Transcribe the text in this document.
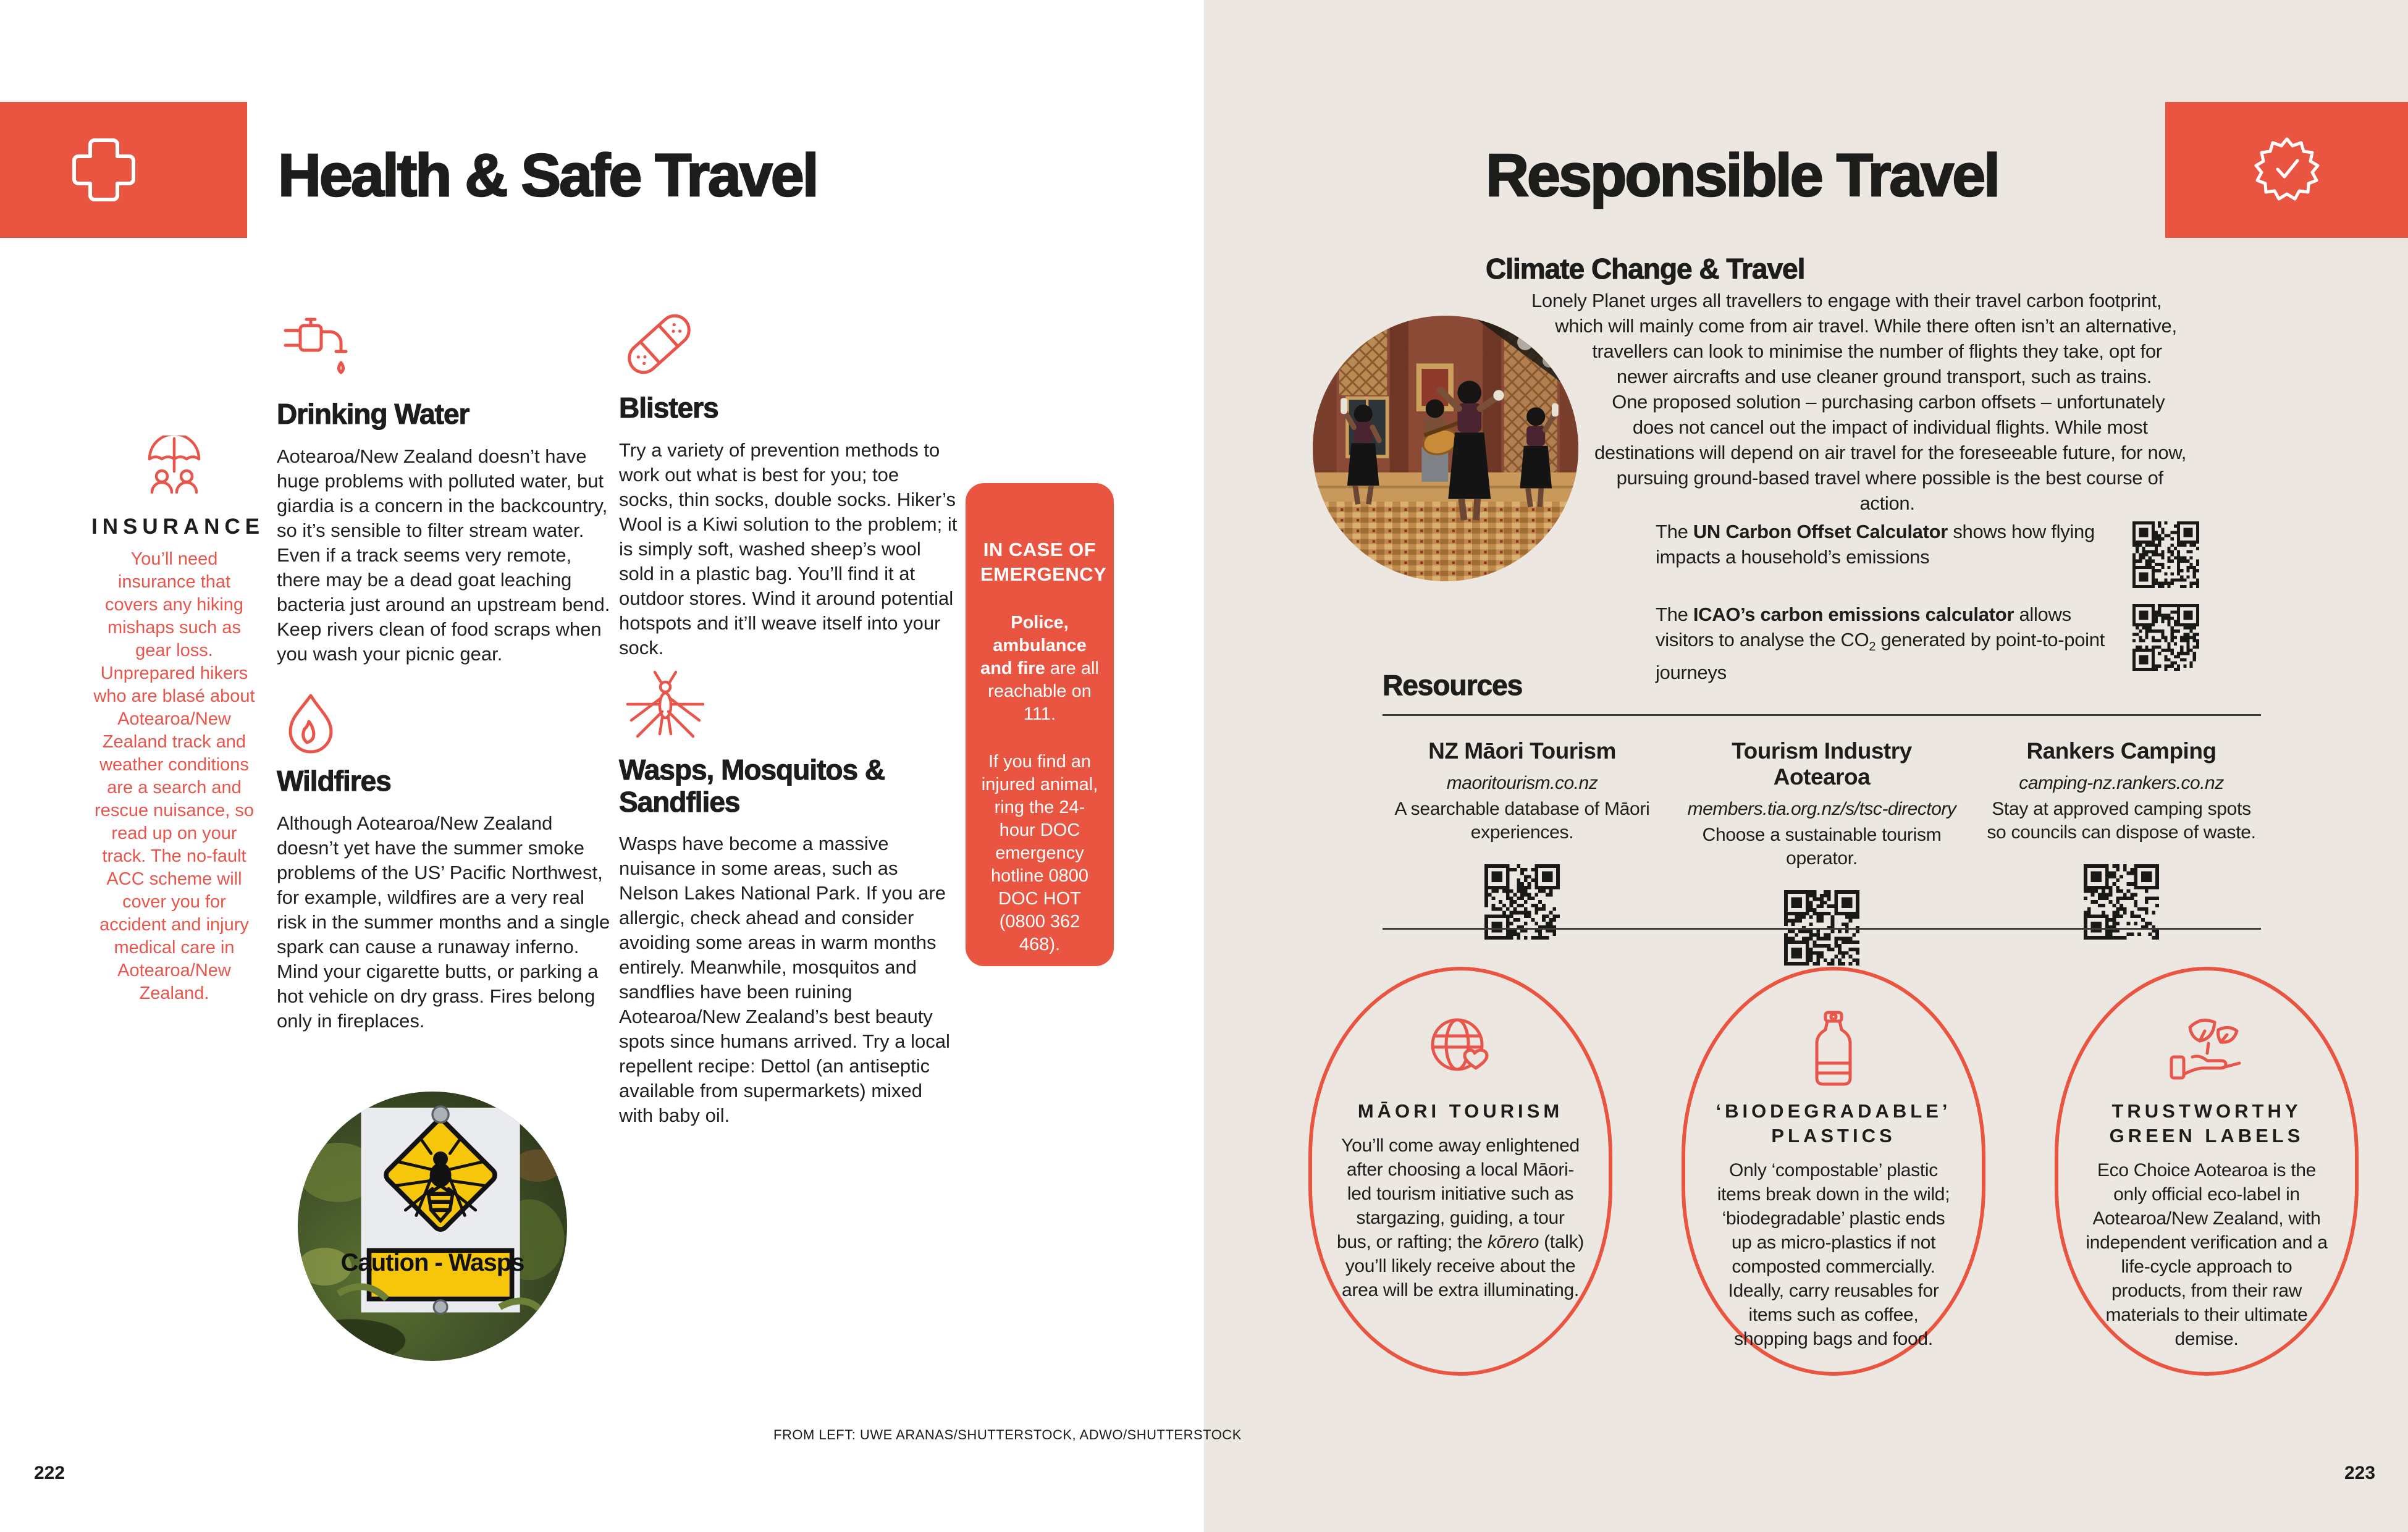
Health & Safe Travel
INSURANCE
You’ll need insurance that covers any hiking mishaps such as gear loss. Unprepared hikers who are blasé about Aotearoa/New Zealand track and weather conditions are a search and rescue nuisance, so read up on your track. The no-fault ACC scheme will cover you for accident and injury medical care in Aotearoa/New Zealand.
Drinking Water
Aotearoa/New Zealand doesn’t have huge problems with polluted water, but giardia is a concern in the backcountry, so it’s sensible to filter stream water. Even if a track seems very remote, there may be a dead goat leaching bacteria just around an upstream bend. Keep rivers clean of food scraps when you wash your picnic gear.
Wildfires
Although Aotearoa/New Zealand doesn’t yet have the summer smoke problems of the US’ Pacific Northwest, for example, wildfires are a very real risk in the summer months and a single spark can cause a runaway inferno. Mind your cigarette butts, or parking a hot vehicle on dry grass. Fires belong only in fireplaces.
Blisters
Try a variety of prevention methods to work out what is best for you; toe socks, thin socks, double socks. Hiker’s Wool is a Kiwi solution to the problem; it is simply soft, washed sheep’s wool sold in a plastic bag. You’ll find it at outdoor stores. Wind it around potential hotspots and it’ll weave itself into your sock.
Wasps, Mosquitos & Sandflies
Wasps have become a massive nuisance in some areas, such as Nelson Lakes National Park. If you are allergic, check ahead and consider avoiding some areas in warm months entirely. Meanwhile, mosquitos and sandflies have been ruining Aotearoa/New Zealand’s best beauty spots since humans arrived. Try a local repellent recipe: Dettol (an antiseptic available from supermarkets) mixed with baby oil.
IN CASE OF EMERGENCY
Police, ambulance and fire are all reachable on 111.
If you find an injured animal, ring the 24-hour DOC emergency hotline 0800 DOC HOT (0800 362 468).
Caution - Wasps
FROM LEFT: UWE ARANAS/SHUTTERSTOCK, ADWO/SHUTTERSTOCK
222
Responsible Travel
Climate Change & Travel

Lonely Planet urges all travellers to engage with their travel carbon footprint, which will mainly come from air travel. While there often isn’t an alternative, travellers can look to minimise the number of flights they take, opt for newer aircrafts and use cleaner ground transport, such as trains.

One proposed solution – purchasing carbon offsets – unfortunately does not cancel out the impact of individual flights. While most destinations will depend on air travel for the foreseeable future, for now, pursuing ground-based travel where possible is the best course of action.

The UN Carbon Offset Calculator shows how flying impacts a household’s emissions
The ICAO’s carbon emissions calculator allows visitors to analyse the $CO_2$ generated by point-to-point journeys
Resources
NZ Māori Tourism
maoritourism.co.nz
A searchable database of Māori experiences.
Tourism Industry Aotearoa
members.tia.org.nz/s/tsc-directory
Choose a sustainable tourism operator.
Rankers Camping
camping-nz.rankers.co.nz
Stay at approved camping spots so councils can dispose of waste.
MĀORI TOURISM
You’ll come away enlightened after choosing a local Māori-led tourism initiative such as stargazing, guiding, a tour bus, or rafting; the kōrero (talk) you’ll likely receive about the area will be extra illuminating.
‘BIODEGRADABLE’ PLASTICS
Only ‘compostable’ plastic items break down in the wild; ‘biodegradable’ plastic ends up as micro-plastics if not composted commercially. Ideally, carry reusables for items such as coffee, shopping bags and food.
TRUSTWORTHY GREEN LABELS
Eco Choice Aotearoa is the only official eco-label in Aotearoa/New Zealand, with independent verification and a life-cycle approach to products, from their raw materials to their ultimate demise.
223
